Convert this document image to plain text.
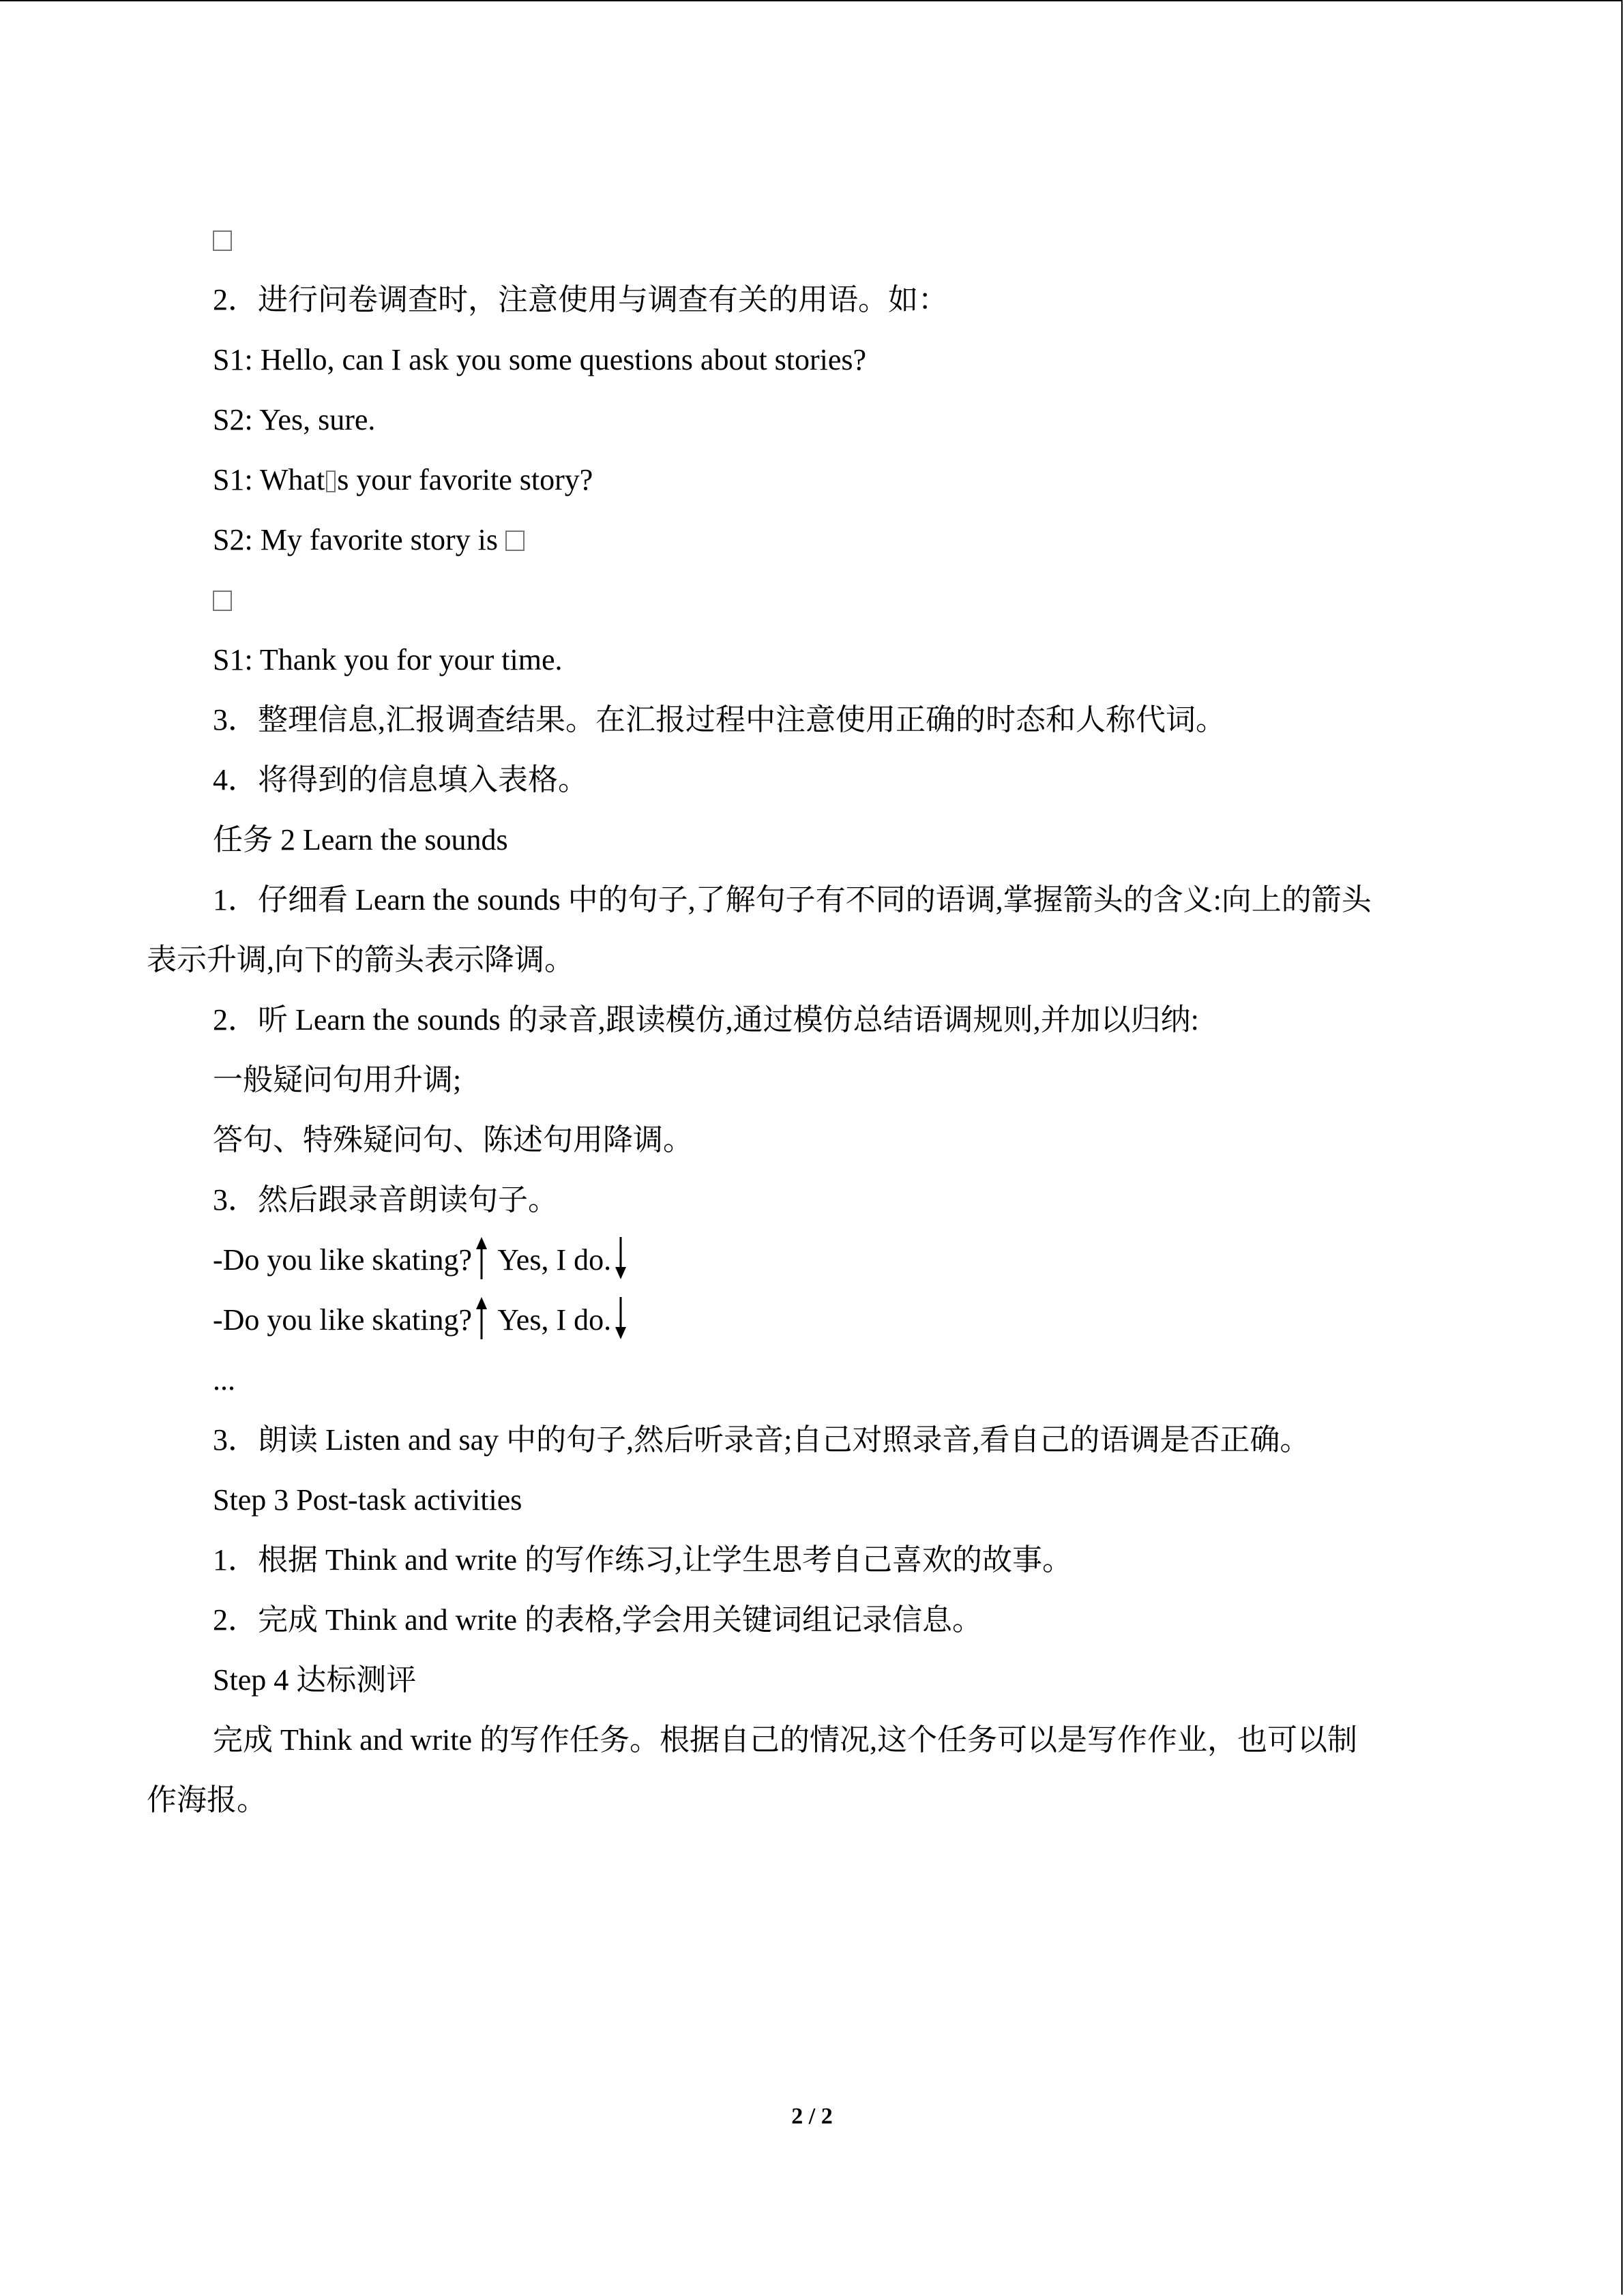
2．进行问卷调查时，注意使用与调查有关的用语。如：
S1: Hello, can I ask you some questions about stories?
S2: Yes, sure.
S1: What s your favorite story?
S2: My favorite story is
S1: Thank you for your time.
3．整理信息,汇报调查结果。在汇报过程中注意使用正确的时态和人称代词。
4．将得到的信息填入表格。
任务 2 Learn the sounds
1．仔细看 Learn the sounds 中的句子,了解句子有不同的语调,掌握箭头的含义:向上的箭头
表示升调,向下的箭头表示降调。
2．听 Learn the sounds 的录音,跟读模仿,通过模仿总结语调规则,并加以归纳:
一般疑问句用升调;
答句、特殊疑问句、陈述句用降调。
3．然后跟录音朗读句子。
-Do you like skating? Yes, I do.
-Do you like skating? Yes, I do.
...
3．朗读 Listen and say 中的句子,然后听录音;自己对照录音,看自己的语调是否正确。
Step 3 Post-task activities
1．根据 Think and write 的写作练习,让学生思考自己喜欢的故事。
2．完成 Think and write 的表格,学会用关键词组记录信息。
Step 4 达标测评
完成 Think and write 的写作任务。根据自己的情况,这个任务可以是写作作业，也可以制
作海报。
2 / 2
